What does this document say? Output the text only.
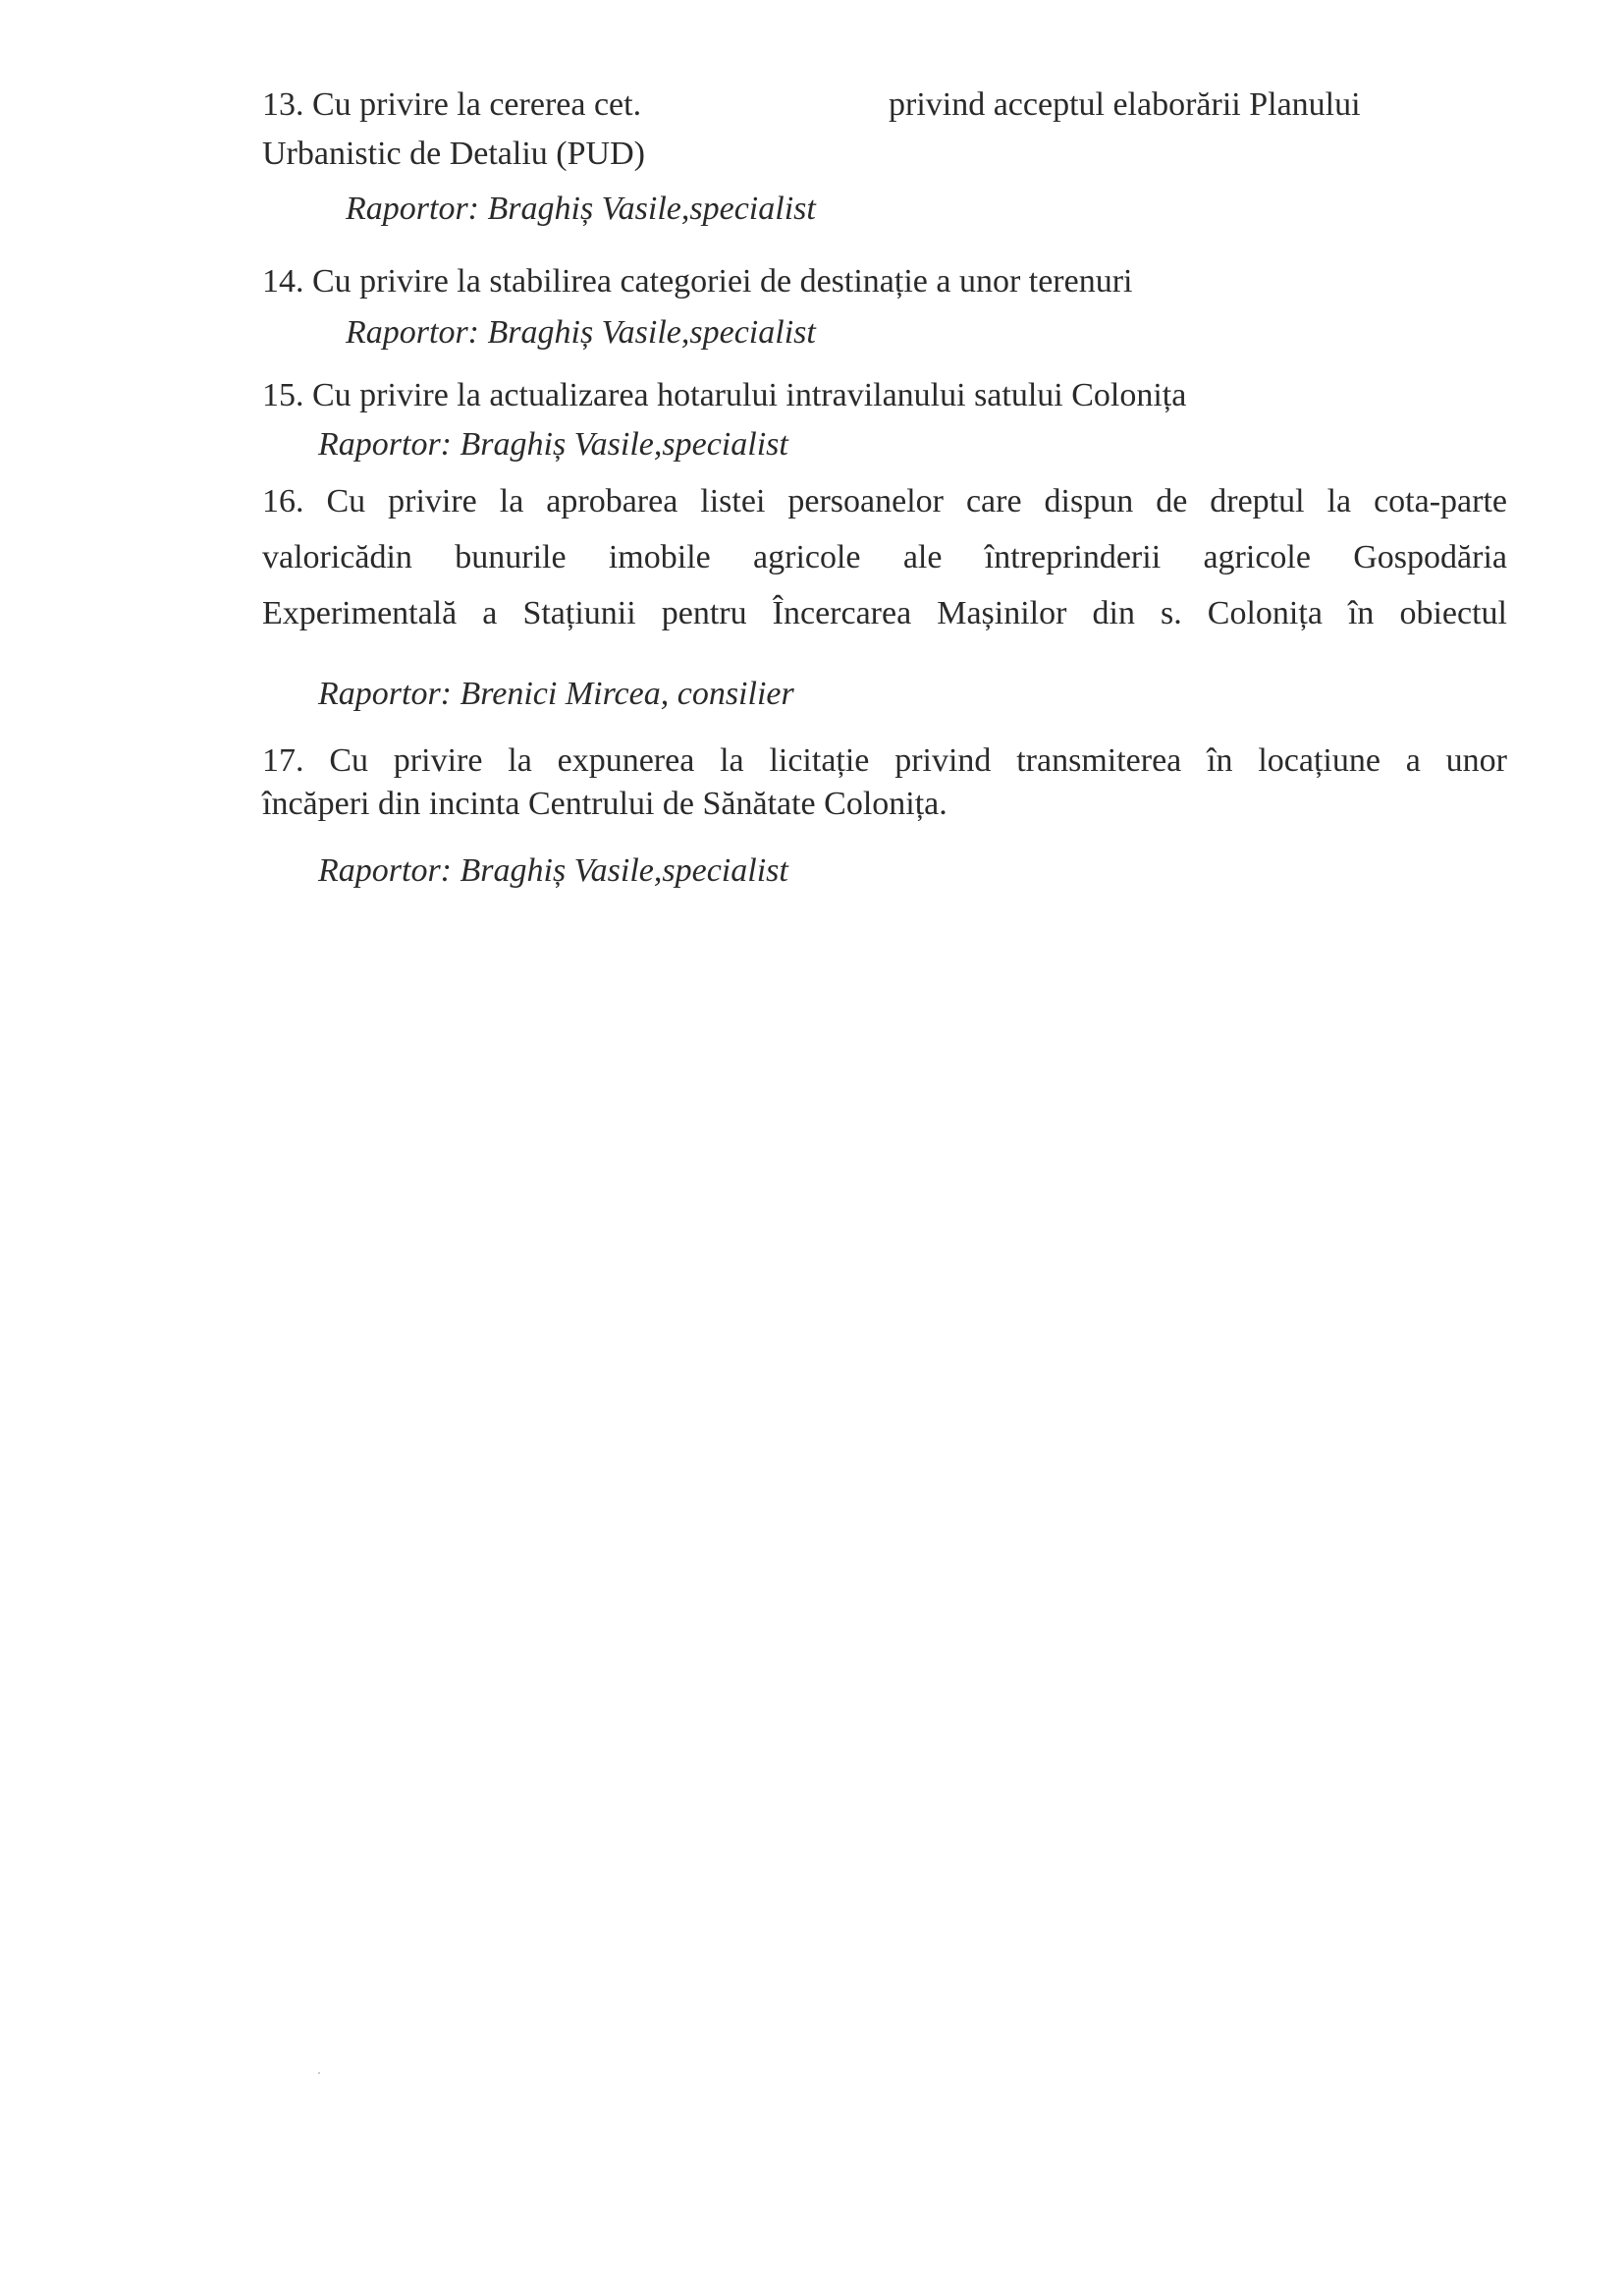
13. Cu privire la cererea cet.	privind acceptul elaborării Planului
Urbanistic de Detaliu (PUD)
Raportor: Braghiș Vasile,specialist
14. Cu privire la stabilirea categoriei de destinație a unor terenuri
Raportor: Braghiș Vasile,specialist
15. Cu privire la actualizarea hotarului intravilanului satului Colonița
Raportor: Braghiș Vasile,specialist
16. Cu privire la aprobarea listei persoanelor care dispun de dreptul la cota-parte
valoricădin bunurile imobile agricole ale întreprinderii agricole Gospodăria
Experimentală a Stațiunii pentru Încercarea Mașinilor din s. Colonița în obiectul
Raportor: Brenici Mircea, consilier
17. Cu privire la expunerea la licitație privind transmiterea în locațiune a unor
încăperi din incinta Centrului de Sănătate Colonița.
Raportor: Braghiș Vasile,specialist
